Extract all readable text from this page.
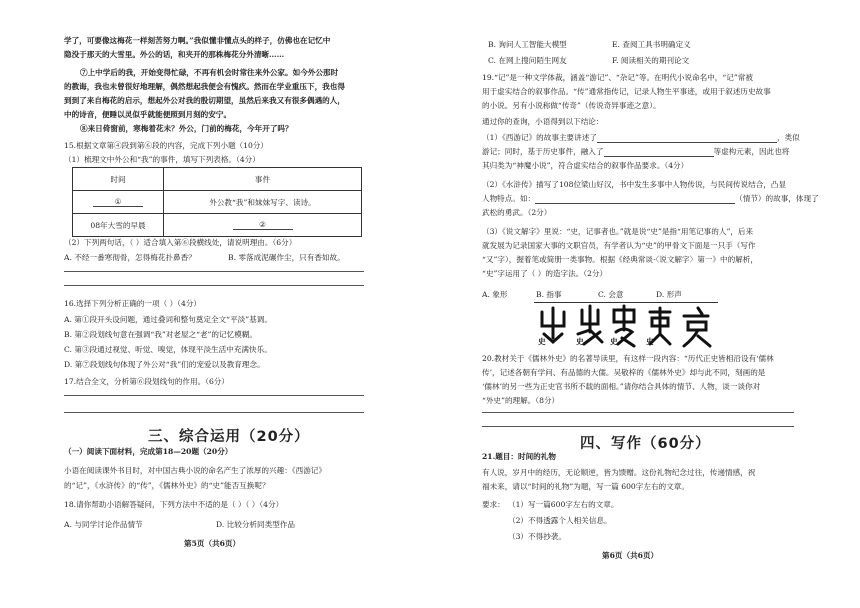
学了，可要像这梅花一样刻苦努力啊。”我似懂非懂点头的样子，仿佛也在记忆中
隐没于那天的大雪里。外公的话，和夹开的那株梅花分外清晰……
⑦上中学后的我，开始变得忙碌，不再有机会时常往来外公家。如今外公那时
的教诲，我也未曾很好地理解，偶然想起我便会有愧疚。然而在学业重压下，我也得
到到了来自梅花的启示，想起外公对我的殷切期望，虽然后来我又有很多偶遇的人，
中的诗音，便睡以灵似乎就能便照到月刻的安宁。
⑧来日倚窗前，寒梅着花未？外公，门前的梅花，今年开了吗？
15.根据文章第④段到第⑥段的内容，完成下列小题（10分）
（1）梳理文中外公和“我”的事件，填写下列表格。（4分）
时间	事件
①	外公教“我”和妹妹写字、读诗。
08年大雪的早晨	②
（2）下列两句话，（ ）适合填入第⑥段横线处，请说明理由。（6分）
A. 不经一番寒彻骨，怎得梅花扑鼻香？	B. 零落成泥碾作尘，只有香如故。
16.选择下列分析正确的一项（ ）（4分）
A. 第①段开头设问题，通过叠词和整句奠定全文“平淡”基调。
B. 第②段划线句意在强调“我”对老屋之“老”的记忆模糊。
C. 第③段通过视觉、听觉、嗅觉，体现平淡生活中充满快乐。
D. 第⑦段划线句体现了外公对“我”们的宠爱以及教育理念。
17.结合全文，分析第⑥段划线句的作用。（6分）
三、综合运用（20分）
（一）阅读下面材料，完成第18—20题（20分）
小语在阅读课外书目时，对中国古典小说的命名产生了浓厚的兴趣：《西游记》
的“记”，《水浒传》的“传”，《儒林外史》的“史”能否互换呢？
18.请你帮助小语解答疑问，下列方法中不适的是（ ）（ ）（4分）
A. 与同学讨论作品情节	D. 比较分析同类型作品
第5页（共6页）
B. 询问人工智能大模型	E. 查阅工具书明确定义
C. 在网上搜问陌生网友	F. 阅读相关的期刊论文
19.“记”是一种文学体裁，涵盖“游记”、“杂记”等。在明代小说命名中，“记”常被
用于虚实结合的叙事作品。“传”通常指传记，记录人物生平事迹，或用于叙述历史故事
的小说。另有小说称做“传奇”（传说奇异事迹之意）。
通过你的查询，小语得到以下结论：
（1）《西游记》的故事主要讲述了	，类似
游记；同时，基于历史事件，融入了	等虚构元素，因此也将
其归类为“神魔小说”，符合虚实结合的叙事作品要求。（4分）
（2）《水浒传》描写了108位梁山好汉，书中发生多事中人物传说，与民间传说结合，凸显
人物特点。如：	（情节）的故事，体现了
武松的勇武。（2分）
（3）《说文解字》里说：“史，记事者也。”就是说“史”是指“用笔记事的人”，后来
就发展为记录国家大事的文职官员，有学者认为“史”的甲骨文下面是一只手（写作
“又”字），握着笔或简册一类事物。根据《经典常谈·〈说文解字〉第一》中的解析，
“史”字运用了（ ）的造字法。（2分）
A. 象形	B. 指事	C. 会意	D. 形声
史	史	史	史
20.教材关于《儒林外史》的名著导读里，有这样一段内容：“历代正史皆相沿设有‘儒林
传’，记述各朝有学问、有品德的大儒。吴敬梓的《儒林外史》却与此不同，刻画的是
‘儒林’的另一些为正史官书所不载的面相。”请你结合具体的情节、人物，谈一谈你对
“外史”的理解。（8分）
四、写作（60分）
21.题目：时间的礼物
有人说，岁月中的经历，无论顺逆，皆为馈赠。这份礼物纪念过往，传递情感，祝
福未来，请以“时间的礼物”为题，写一篇 600字左右的文章。
要求： （1）写一篇600字左右的文章。
（2）不得透露个人相关信息。
（3）不得抄袭。
第6页（共6页）
